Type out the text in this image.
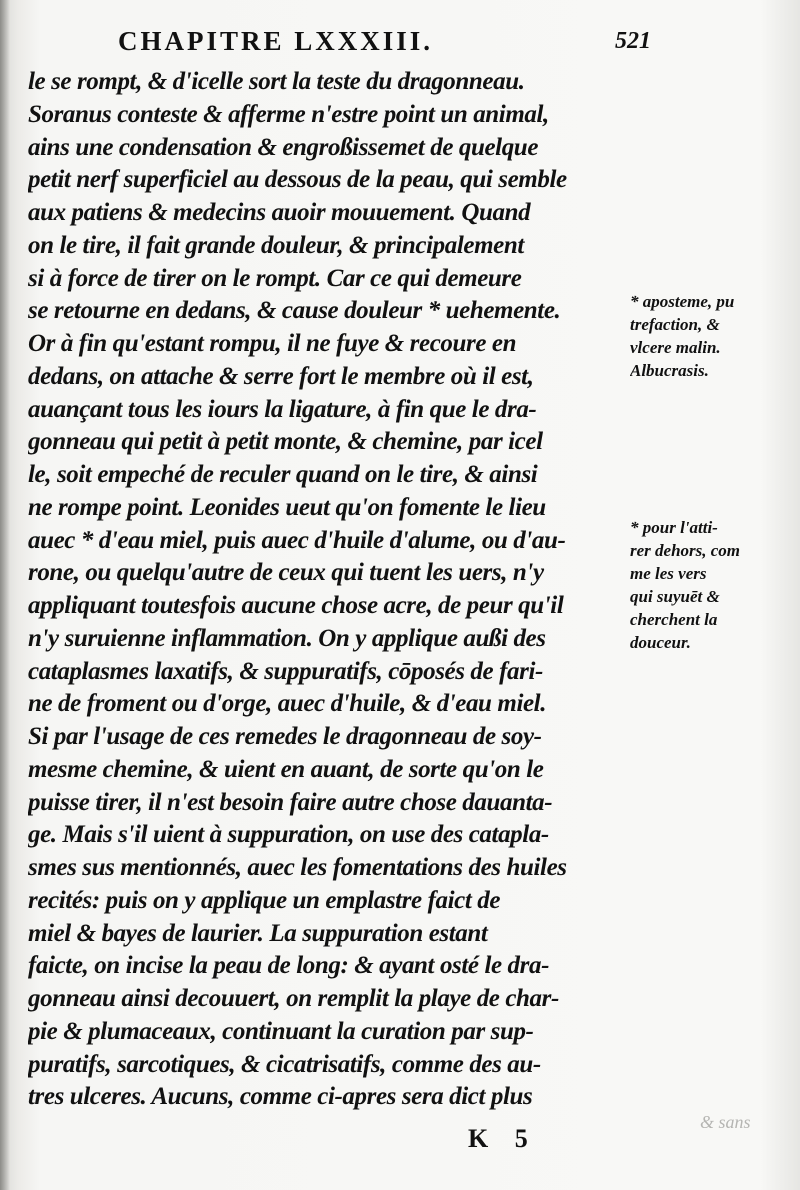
CHAPITRE LXXXIII.	521
le se rompt, & d'icelle sort la teste du dragonneau.
Soranus conteste & afferme n'estre point un animal,
ains une condensation & engroßissemet de quelque
petit nerf superficiel au dessous de la peau, qui semble
aux patiens & medecins auoir mouuement. Quand
on le tire, il fait grande douleur, & principalement
si à force de tirer on le rompt. Car ce qui demeure
se retourne en dedans, & cause douleur * uehemente.
Or à fin qu'estant rompu, il ne fuye & recoure en
dedans, on attache & serre fort le membre où il est,
auançant tous les iours la ligature, à fin que le dra-
gonneau qui petit à petit monte, & chemine, par icel
le, soit empeché de reculer quand on le tire, & ainsi
ne rompe point. Leonides ueut qu'on fomente le lieu
auec * d'eau miel, puis auec d'huile d'alume, ou d'au-
rone, ou quelqu'autre de ceux qui tuent les uers, n'y
appliquant toutesfois aucune chose acre, de peur qu'il
n'y suruienne inflammation. On y applique außi des
cataplasmes laxatifs, & suppuratifs, cōposés de fari-
ne de froment ou d'orge, auec d'huile, & d'eau miel.
Si par l'usage de ces remedes le dragonneau de soy-
mesme chemine, & uient en auant, de sorte qu'on le
puisse tirer, il n'est besoin faire autre chose dauanta-
ge. Mais s'il uient à suppuration, on use des catapla-
smes sus mentionnés, auec les fomentations des huiles
recités: puis on y applique un emplastre faict de
miel & bayes de laurier. La suppuration estant
faicte, on incise la peau de long: & ayant osté le dra-
gonneau ainsi decouuert, on remplit la playe de char-
pie & plumaceaux, continuant la curation par sup-
puratifs, sarcotiques, & cicatrisatifs, comme des au-
tres ulceres. Aucuns, comme ci-apres sera dict plus
* aposteme, pu
trefaction, &
vlcere malin.
Albucrasis.
* pour l'atti-
rer dehors, com
me les vers
qui suyuēt &
cherchent la
douceur.
& sans
K 5
